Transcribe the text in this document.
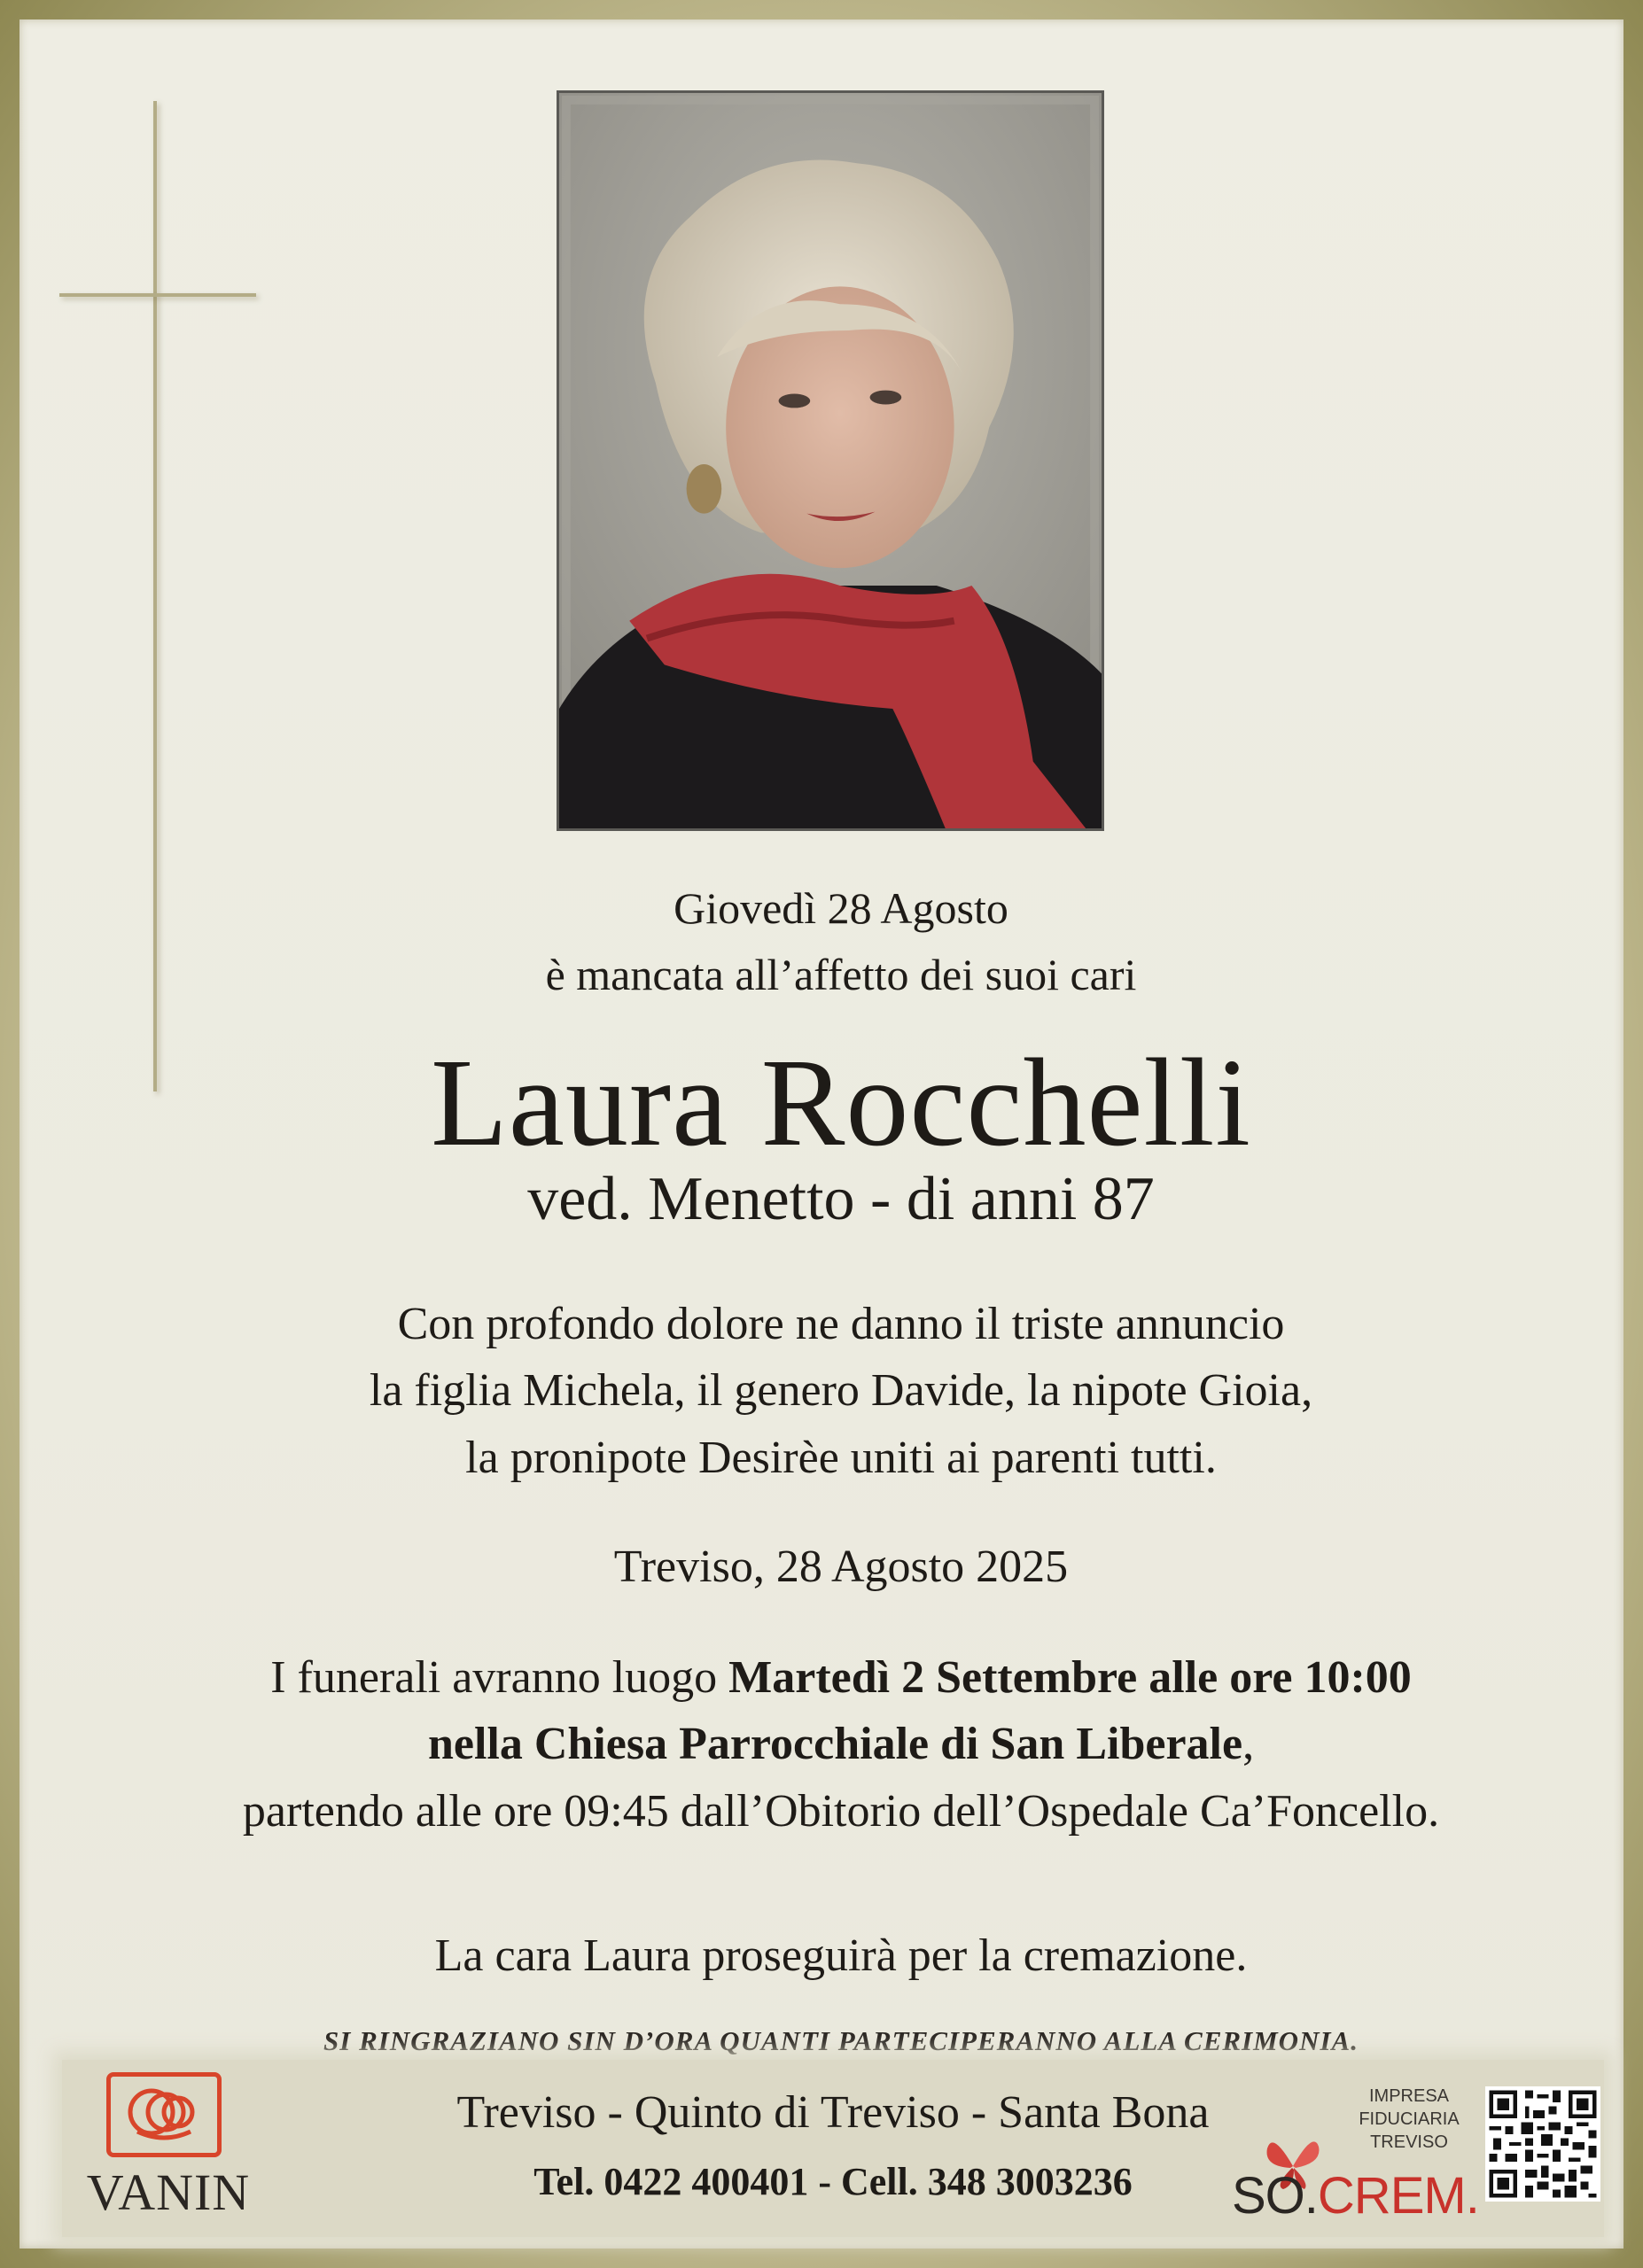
Giovedì 28 Agosto
è mancata all’affetto dei suoi cari
Laura Rocchelli
ved. Menetto - di anni 87
Con profondo dolore ne danno il triste annuncio
la figlia Michela, il genero Davide, la nipote Gioia,
la pronipote Desirèe uniti ai parenti tutti.
Treviso, 28 Agosto 2025
I funerali avranno luogo Martedì 2 Settembre alle ore 10:00
nella Chiesa Parrocchiale di San Liberale,
partendo alle ore 09:45 dall’Obitorio dell’Ospedale Ca’Foncello.
La cara Laura proseguirà per la cremazione.
SI RINGRAZIANO SIN D’ORA QUANTI PARTECIPERANNO ALLA CERIMONIA.
VANIN
Treviso - Quinto di Treviso - Santa Bona
Tel. 0422 400401 - Cell. 348 3003236
IMPRESA
FIDUCIARIA
TREVISO
SO.CREM.
